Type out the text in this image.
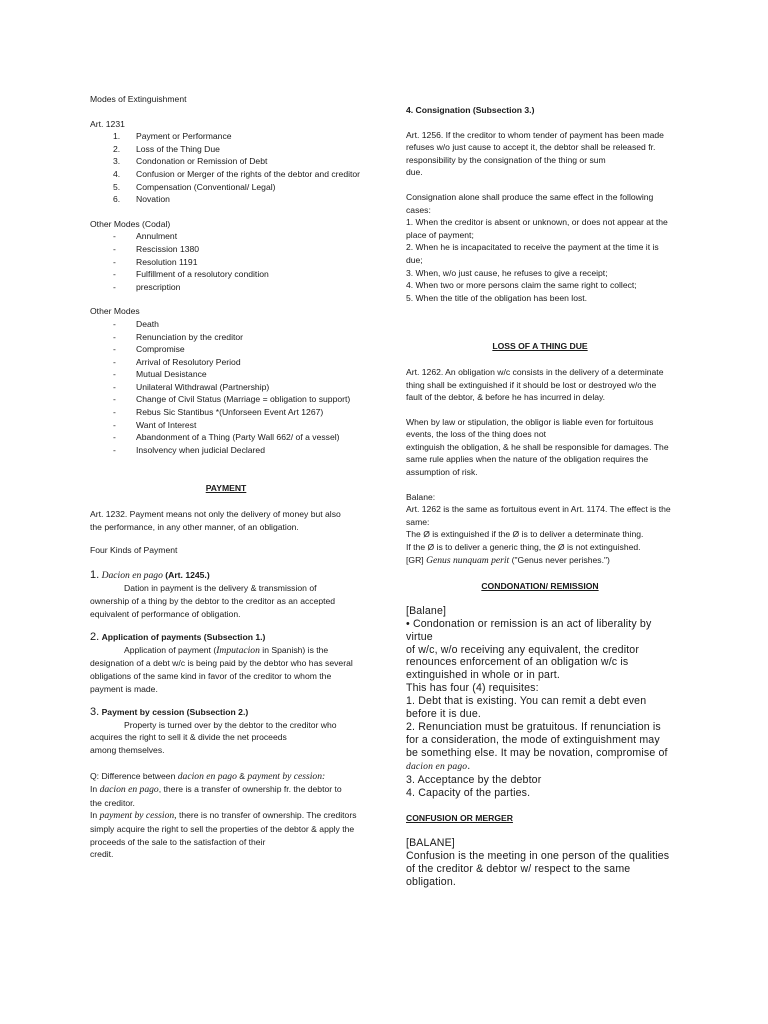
Modes of Extinguishment

Art. 1231

1. Payment or Performance
2. Loss of the Thing Due
3. Condonation or Remission of Debt
4. Confusion or Merger of the rights of the debtor and creditor
5. Compensation (Conventional/ Legal)
6. Novation

Other Modes (Codal)

- Annulment
- Rescission 1380
- Resolution 1191
- Fulfillment of a resolutory condition
- prescription

Other Modes

- Death
- Renunciation by the creditor
- Compromise
- Arrival of Resolutory Period
- Mutual Desistance
- Unilateral Withdrawal (Partnership)
- Change of Civil Status (Marriage = obligation to support)
- Rebus Sic Stantibus *(Unforseen Event Art 1267)
- Want of Interest
- Abandonment of a Thing (Party Wall 662/ of a vessel)
- Insolvency when judicial Declared

PAYMENT

Art. 1232. Payment means not only the delivery of money but also

the performance, in any other manner, of an obligation.

Four Kinds of Payment

1. Dacion en pago (Art. 1245.)

Dation in payment is the delivery & transmission of

ownership of a thing by the debtor to the creditor as an accepted equivalent of performance of obligation.

2. Application of payments (Subsection 1.)

Application of payment (Imputacion in Spanish) is the

designation of a debt w/c is being paid by the debtor who has several obligations of the same kind in favor of the creditor to whom the payment is made.

3. Payment by cession (Subsection 2.)

Property is turned over by the debtor to the creditor who

acquires the right to sell it & divide the net proceeds

among themselves.

Q: Difference between dacion en pago & payment by cession:

In dacion en pago, there is a transfer of ownership fr. the debtor to

the creditor.

In payment by cession, there is no transfer of ownership. The creditors simply acquire the right to sell the properties of the debtor & apply the proceeds of the sale to the satisfaction of their

credit.

4. Consignation (Subsection 3.)

Art. 1256. If the creditor to whom tender of payment has been made refuses w/o just cause to accept it, the debtor shall be released fr. responsibility by the consignation of the thing or sum

due.

Consignation alone shall produce the same effect in the following

cases:

1. When the creditor is absent or unknown, or does not appear at the place of payment;

2. When he is incapacitated to receive the payment at the time it is due;

3. When, w/o just cause, he refuses to give a receipt;

4. When two or more persons claim the same right to collect;

5. When the title of the obligation has been lost.

LOSS OF A THING DUE

Art. 1262. An obligation w/c consists in the delivery of a determinate thing shall be extinguished if it should be lost or destroyed w/o the fault of the debtor, & before he has incurred in delay.

When by law or stipulation, the obligor is liable even for fortuitous events, the loss of the thing does not

extinguish the obligation, & he shall be responsible for damages. The same rule applies when the nature of the obligation requires the assumption of risk.

Balane:

Art. 1262 is the same as fortuitous event in Art. 1174. The effect is the same:

The Ø is extinguished if the Ø is to deliver a determinate thing.

If the Ø is to deliver a generic thing, the Ø is not extinguished.

[GR] Genus nunquam perit ("Genus never perishes.")

CONDONATION/ REMISSION

[Balane]

• Condonation or remission is an act of liberality by virtue

of w/c, w/o receiving any equivalent, the creditor renounces enforcement of an obligation w/c is extinguished in whole or in part.

This has four (4) requisites:

1. Debt that is existing. You can remit a debt even before it is due.

2. Renunciation must be gratuitous. If renunciation is for a consideration, the mode of extinguishment may be something else. It may be novation, compromise of dacion en pago.

3. Acceptance by the debtor

4. Capacity of the parties.

CONFUSION OR MERGER

[BALANE]

Confusion is the meeting in one person of the qualities of the creditor & debtor w/ respect to the same obligation.
